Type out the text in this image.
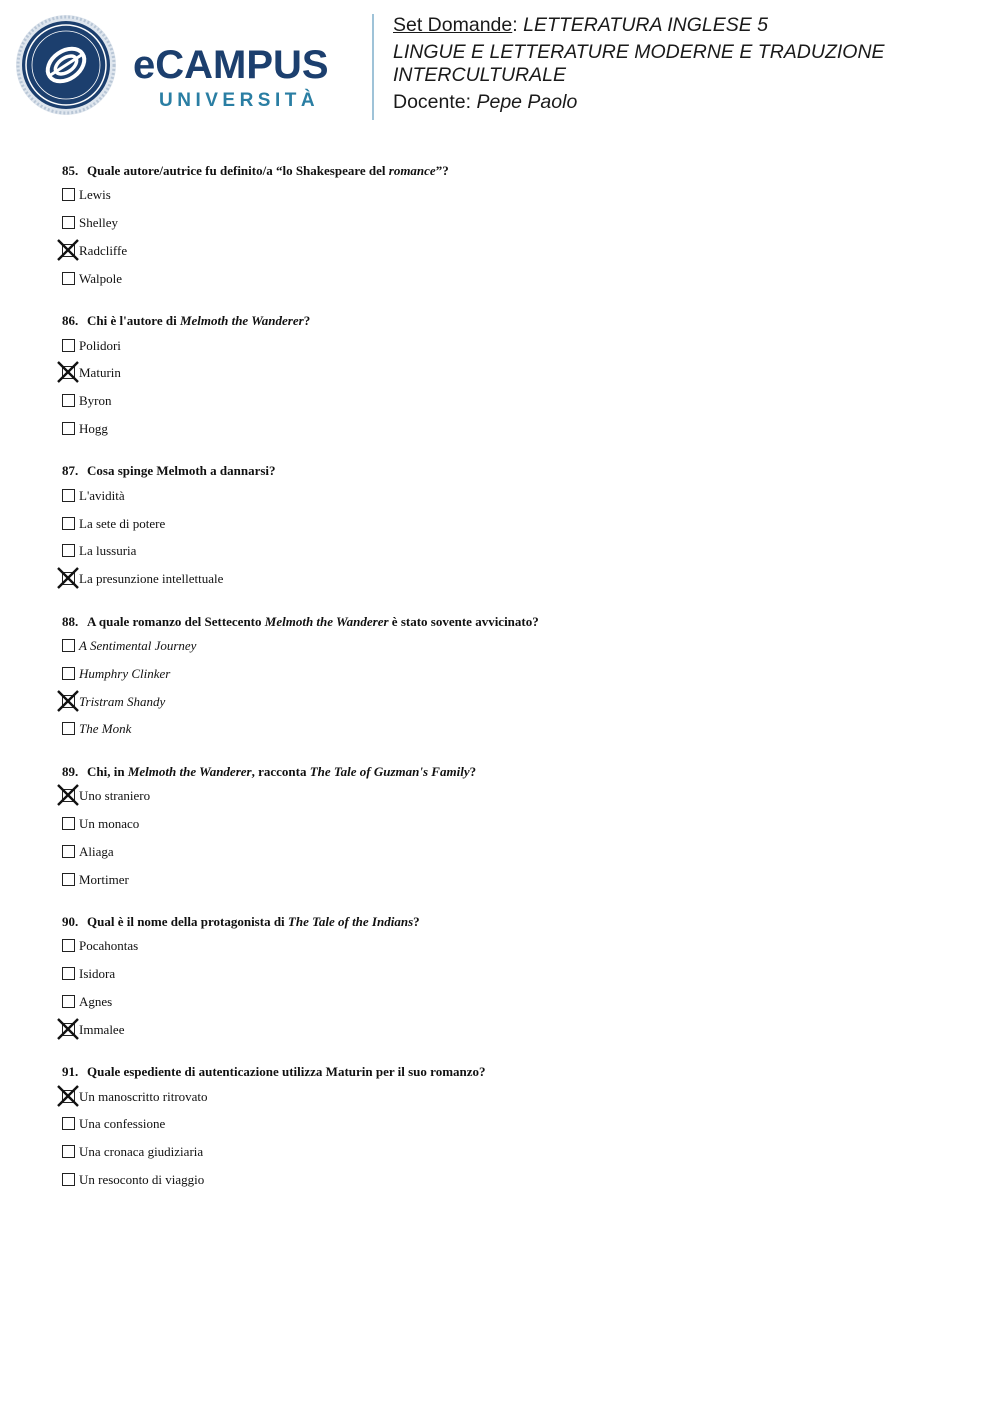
eCAMPUS
UNIVERSITÀ
Set Domande: LETTERATURA INGLESE 5
LINGUE E LETTERATURE MODERNE E TRADUZIONE INTERCULTURALE
Docente: Pepe Paolo
85. Quale autore/autrice fu definito/a “lo Shakespeare del romance”?
Lewis
Shelley
Radcliffe
Walpole
86. Chi è l'autore di Melmoth the Wanderer?
Polidori
Maturin
Byron
Hogg
87. Cosa spinge Melmoth a dannarsi?
L'avidità
La sete di potere
La lussuria
La presunzione intellettuale
88. A quale romanzo del Settecento Melmoth the Wanderer è stato sovente avvicinato?
A Sentimental Journey
Humphry Clinker
Tristram Shandy
The Monk
89. Chi, in Melmoth the Wanderer, racconta The Tale of Guzman's Family?
Uno straniero
Un monaco
Aliaga
Mortimer
90. Qual è il nome della protagonista di The Tale of the Indians?
Pocahontas
Isidora
Agnes
Immalee
91. Quale espediente di autenticazione utilizza Maturin per il suo romanzo?
Un manoscritto ritrovato
Una confessione
Una cronaca giudiziaria
Un resoconto di viaggio
